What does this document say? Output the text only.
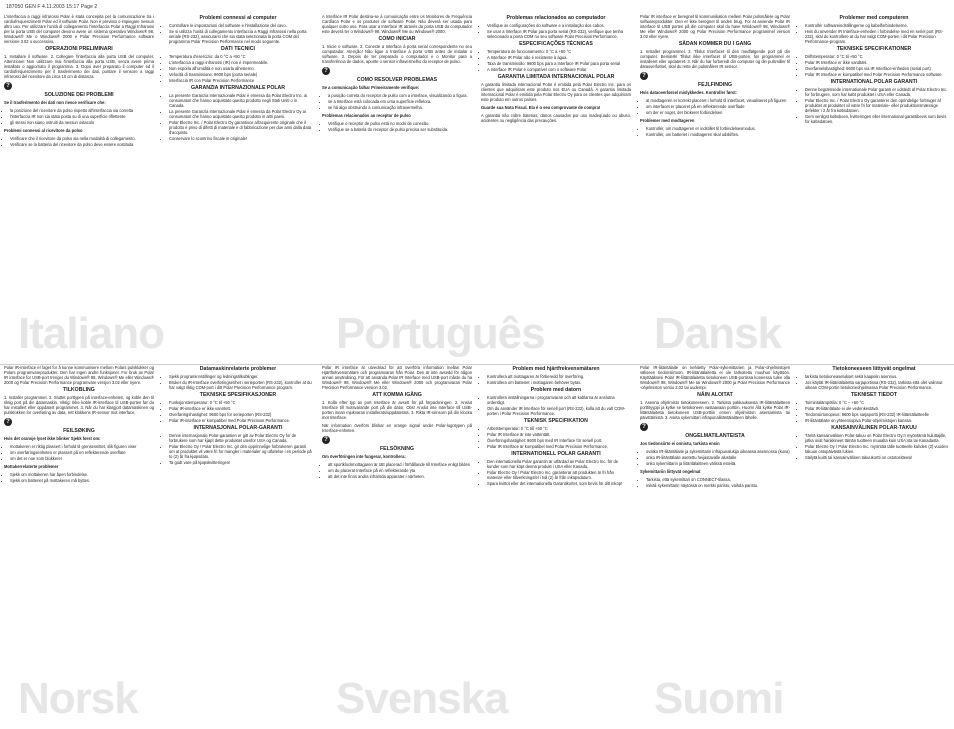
187050 GEN F 4.11.2003 15:17 Page 2
L'interfaccia a raggi infrarossi Polar è stata concepita per la comunicazione tra i cardiofrequenzimetri Polar ed il software Polar. Non è previsto o impiegare nessun altro uso. Per utilizzare l'unità di collegamento l'interfaccia Polar a Raggi Infrarossi per la porta USB del computer devono avere un sistema operativo Windows® 98, Windows® Me o Windows® 2000 e Polar Precision Performance software versione 3.02 o successivo.
OPERAZIONI PRELIMINARI
1. Installare il software. 2. Collegare l'interfaccia alla porta USB del computer. Attenzione! Non utilizzare mai l'interfaccia alla porta USB, senza avere prima installato o aggiornato il programma. 3. Dopo aver preparato il computer ed il cardiofrequenzimetro per il trasferimento dei dati, puntare il sensore a raggi infrarossi del ricevitore da circa 10 cm di distanza.
?
SOLUZIONE DEI PROBLEMI
Se il trasferimento dei dati non riesce verificare che:
• la posizione del ricevitore da polso rispetto all'interfaccia sia corretta
• l'interfaccia IR non sia stata posta su di una superficie riflettente
• gli stessi non siano ostruiti da nessun ostacolo
Problemi connessi al ricevitore da polso
• Verificare che il ricevitore da polso sia nella modalità di collegamento.
• Verificare se la batteria del ricevitore da polso deve essere sostituita
Italiano
Problemi connessi al computer
• Controllare le impostazioni del software e l'installazione del cavo.
• Se si utilizza l'unità di collegamento interfaccia a Raggi Infrarossi nella porta seriale (RS-232), assicurarsi che sia stata selezionata la porta COM del programma Polar Precision Performance nel modo seguente.
DATI TECNICI
• Temperatura d'esercizio: da 0 °C a +50 °C
• L'interfaccia a raggi infrarossi (IR) non è impermeabile.
• Non esporla all'umidità e non usarla all'esterno.
• Velocità di trasmissione: 9600 bps (porta seriale)
• Interfaccia IR con Polar Precision Performance
GARANZIA INTERNAZIONALE POLAR
• La presente Garanzia Internazionale Polar è emessa da Polar Electro Inc. ai consumatori che hanno acquistato questo prodotto negli Stati Uniti o in Canada.
• La presente Garanzia Internazionale Polar è emessa da Polar Electro Oy ai consumatori che hanno acquistato questo prodotto in altri paesi.
• Polar Electro Inc. / Polar Electro Oy garantisce all'acquirente originale che il prodotto è privo di difetti di materiale e di fabbricazione per due anni dalla data d'acquisto.
• Conservare lo scontrino fiscale in originale!
A Interface IR Polar destina-se à comunicação entre os Monitores de Frequência Cardíaca Polar e os produtos de software Polar. Não deverá ser usada para qualquer outro uso. Para usar a Interface IR através da porta USB do computador este deverá ter o Windows® 98, Windows® Me ou Windows® 2000.
COMO INICIAR
1. Inicie o software. 2. Conecte a Interface à porta serial correspondente no seu computador. Atenção! Não ligue a Interface à porta USB antes de instalar o software. 3. Depois de ter preparado o computador e o Monitor para a transferência de dados, aponte o sensor infravermelho do receptor de pulso.
?
COMO RESOLVER PROBLEMAS
Se a comunicação falhar Primeiramente verifique:
• a posição correta do receptor de pulso com a interface, visualizando a figura.
• se a Interface está colocada em uma superfície refletora.
• se há algo obstruindo a comunicação infravermelha.
Problemas relacionados ao receptor de pulso
• Verifique o receptor de pulso está no modo de conexão.
• Verifique se a bateria do receptor de pulso precisa ser substituída.
Português
Problemas relacionados ao computador
• Verifique as configurações do software e a instalação dos cabos.
• Se usar a Interface IR Polar para porta serial (RS-232), verifique que tenha selecionado a porta COM no seu software Polar Precision Performance.
ESPECIFICAÇÕES TÉCNICAS
• Temperatura de funcionamento: 0 °C a +50 °C
• A Interface IR Polar não é resistente à água.
• Taxa de transmissão: 9600 bps para a Interface IR Polar para porta serial
• A Interface IR Polar é compatível com o software Polar.
GARANTIA LIMITADA INTERNACIONAL POLAR
A garantia limitada internacional Polar é emitida pela Polar Electro Inc. para os clientes que adquiriram este produto nos EUA ou Canadá. A garantia limitada internacional Polar é emitida pela Polar Electro Oy para os clientes que adquiriram este produto em outros países.
Guarde sua Nota Fiscal. Ela é o seu comprovante de compra!
A garantia não cobre baterias, danos causados por uso inadequado ou abuso, acidentes ou negligência das precauções.
Polar IR interface er beregnet til kommunikation mellem Polar pulsmålere og Polar softwareprodukter. Den er ikke beregnet til anden brug. For at anvende Polar IR interface til USB porten på din computer skal du have Windows® 98, Windows® Me eller Windows® 2000 og Polar Precision Performance programmel version 3.02 eller nyere.
SÅDAN KOMMER DU I GANG
1. Installer programmel. 2. Tilslut Interfacet til den medfølgende port på din computer. Bemærk! Tilslut ikke interfacet til USB-porten, før programmel er installeret eller opdateret. 3. Når du har forberedt din computer og din pulsmåler til dataoverførsel, skal du rette din pulsmålers IR sensor.
?
FEJLFINDING
Hvis dataoverførsel mislykkedes. Kontroller først:
• at modtageren er korrekt placeret i forhold til interfacet, visualiseret på figuren
• om interfacet er placeret på en reflekterende overflade
• om der er noget, der blokerer forbindelsen
Problemer med modtageren
• Kontrollér, om modtageren er indstillet til forbindelsesmodus.
• Kontrollér, om batteriet i modtageren skal udskiftes.
Dansk
Problemer med computeren
• Kontrollér softwareindstillingerne og kabelforbindelserne.
• Hvis du anvender IR Interface-enheden i forbindelse med en seriel port (RS-232), skal du kontrollere at du har valgt COM-porten i dit Polar Precision Performance-program.
TEKNISKE SPECIFIKATIONER
• Driftstemperatur: 0 °C til +50 °C
• Polar IR Interface er ikke vandtæt.
• Overførselshastighed: 9600 bps via IR Interface-enheden (serial port)
• Polar IR Interface er kompatibel med Polar Precision Performance software.
INTERNATIONAL POLAR GARANTI
• Denne begrænsede internationale Polar garanti er udstedt af Polar Electro Inc. for forbrugere, som har købt produktet i USA eller Canada.
• Polar Electro Inc. / Polar Electro Oy garanterer den oprindelige forbruger af produktet at produktet vil være fri for materiale- eller produktionsmæssige defekter i 2 år fra købsdatoen.
• Gem venligst købsboen, kvitteringen eller international garantibevis som bevis for købsdatoen.
Polar IR-interface er laget for å kunne kommunisere mellom Polars pulsklokker og Polars programvareprodukter. Den har ingen andre funksjoner. For bruk av Polar IR interface for USB-port trenger du Windows® 98, Windows® Me eller Windows® 2000 og Polar Precision Performance programvare versjon 3.02 eller nyere.
TILKOBLING
1. Installer programmet. 2. Sluttet porttypen på interface-enheten, og koble den til riktig port på din datamaskin. Viktig: Ikke koble IR-interface til USB-porten før du har installert eller oppdatert programmet. 3. Når du har klargjort datamaskinen og pulsklokken for overføring av data, rett klokkens IR-sensor mot interface.
?
FEILSØKING
Hvis det oransje lyset ikke blinker Sjekk først om:
• mottakeren er riktig plassert i forhold til grensesnittet, slik figuren viser
• om overføringsenheten er plassert på en reflekterende overflate
• om det er noe som blokkerer
Mottakerrelaterte problemer
• Sjekk om mottakeren har åpen forbindelse.
• Sjekk om batteriet på mottakeren må byttes.
Norsk
Datamaskinrelaterte problemer
• Sjekk programinnstillinger og ledningstilkoblinger.
• Bruker du IR-interface overføringsenhet i serieporten (RS-232), kontroller at du har valgt riktig COM-port i ditt Polar Precision Performance program.
TEKNISKE SPESIFIKASJONER
• Funksjonstemperatur: 0 °C til +50 °C
• Polar IR-interface er ikke vanntett.
• Overføringshastighet: 9600 bps for serieporten (RS-232)
• Polar IR-interface er kompatibel med Polar Precision Performance.
INTERNASJONAL POLAR-GARANTI
• Denne internasjonale Polar-garantien er gitt av Polar Electro Oy for de forbrukere som har kjøpt dette produktet utenfor USA og Canada.
• Polar Electro Oy / Polar Electro Inc. gir den opprinnelige forbrukeren garanti om at produktet vil være fri for mangler i materialer og utførelse i en periode på to (2) år fra kjøpsdato.
• Ta godt vare på kjøpskvitteringen!
Polar IR interface är utvecklad för att överföra information mellan Polar Hjärtfrekvensmätare och programvaran från Polar. Den är inte avsedd för någon annan användning. För att använda Polar IR Interface med USB-port måste du ha Windows® 98, Windows® Me eller Windows® 2000 och programvaran Polar Precision Performance version 3.02.
ATT KOMMA IGÅNG
1. Kolla efter typ av port Interface är avsett för på förpackningen. 2. Anslut Interface till motsvarande port på din dator. Obs! Anslut inte Interface till USB-porten innan mjukvaran installerats/uppdaterats. 3. Rikta IR-sensorn på din klocka mot Interface.
När information överförs blinkar en orange signal under Polar-logotypen på Interface-enheten.
?
FELSÖKNING
Om överföringen inte fungerar, kontrollera:
• att sportklockmottagaren är rätt placerad i förhållande till Interface enligt bilden
• om du placerat Interface på en reflekterande yta
• att det inte finns andra infraröda apparater i närheten.
Svenska
Problem med hjärtfrekvensmätaren
• Kontrollera att mottagaren är förberedd för överföring.
• Kontrollera om batteriet i mottagaren behöver bytas.
Problem med datorn
• Kontrollera inställningarna i programvaran och att kablarna är anslutna ordentligt.
• Om du använder IR Interface för seriell port (RS-232), kolla att du valt COM-porten i Polar Precision Performance.
TEKNISK SPECIFIKATION
• Arbetstemperatur: 0 °C till +50 °C
• Polar IR Interface är inte vattentätt.
• Överföringshastighet: 9600 bps med IR Interface för seriell port.
• Polar IR Interface är kompatibel med Polar Precision Performance.
INTERNATIONELL POLAR GARANTI
• Den internationella Polar garantin är utfärdad av Polar Electro Inc. för de kunder som har köpt denna produkt i USA eller Kanada.
• Polar Electro Oy / Polar Electro Inc. garanterar att produkten är fri från material- eller tillverkningsfel i två (2) år från inköpsdatum.
• Spara kvittot eller det internationella Garantikortet, som bevis för ditt inköp!
Polar IR-liitäntälaite on kehitetty Polar-sykemittarien ja Polar-ohjelmistojen väliseen tiedonsiirtoon. IR-liitäntälaitetta ei ole tarkoitettu muuhun käyttöön. Käyttääksesi Polar IR-liitäntälaitetta tietokoneen USB-portissa koneessa tulee olla Windows® 98, Windows® Me tai Windows® 2000 ja Polar Precision Performance -ohjelmiston versio 3.02 tai uudempi.
NÄIN ALOITAT
1. Asenna ohjelmisto tietokoneeseen. 2. Tarkista pakkauksesta IR-liitäntälaitteen porttityyppi ja kytke se tietokoneen vastaavaan porttiin. Huom! Älä kytke Polar IR-liitäntälaitetta tietokoneen USB-porttiin ennen ohjelmiston asentamista tai päivittämistä. 3. Aseta sykemittari infrapunaliitäntälaitteen lähelle.
?
ONGELMATILANTEISTA
Jos tiedonsiirto ei onnistu, tarkista ensin
• ovatko IR-liitäntälaite ja sykemittarin infrapunalukija oikeassa asennossa (kuva)
• onko IR-liitäntälaite asetettu heijastavalle alustalle
• onko sykemittarin ja liitäntälaitteen välissä esteitä.
Sykemittariin liittyvät ongelmat
• Tarkista, että sykemittari on CONNECT-tilassa.
• mikäli sykemittarin näytössä on merkki paristo, vaihda paristo.
Suomi
Tietokoneeseen liittyvät ongelmat
• tarkista tietokoneasetukset sekä kaapelin asennus.
• Jos käytät IR-liitäntälaitetta sarjaportissa (RS-232), tarkista että olet valinnut oikean COM-portin tietokoneohjelmassa Polar Precision Performance.
TEKNISET TIEDOT
• Toimintalämpötila: 0 °C – +50 °C
• Polar IR-liitäntälaite ei ole vedenkestävä.
• Tiedonsiirtonopeus: 9600 bps sarjaportti (RS-232) IR-liitäntälaitteelle
• IR-liitäntälaite on yhteensopiva Polar-ohjelmistojen kanssa.
KANSAINVÄLINEN POLAR-TAKUU
• Tämä kansainvälinen Polar-takuu on Polar Electro Oy:n myöntämä kuluttajille, jotka ovat hankkineet tämän tuotteen muualta kuin USA:sta tai Kanadasta.
• Polar Electro Oy / Polar Electro Inc. myöntää tälle tuotteelle kahden (2) vuoden takuun ostopäivästä lukien.
• Säilytä kuitti tai kansainvälinen takuukortti on ostotositteesi!
